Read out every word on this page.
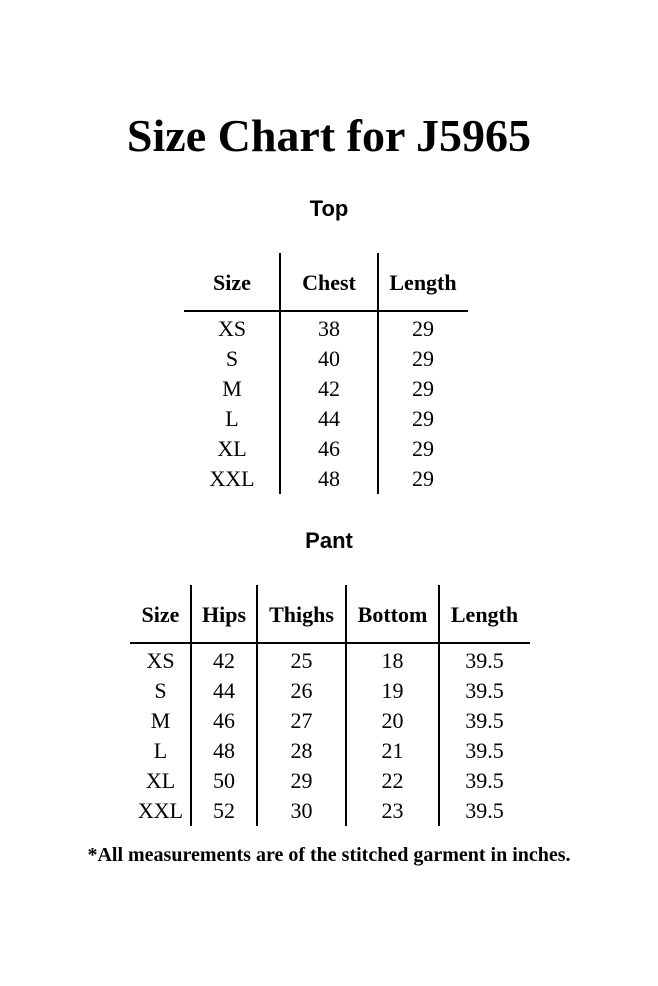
Size Chart for J5965
Top
Size	Chest	Length
XS	38	29
S	40	29
M	42	29
L	44	29
XL	46	29
XXL	48	29
Pant
Size	Hips	Thighs	Bottom	Length
XS	42	25	18	39.5
S	44	26	19	39.5
M	46	27	20	39.5
L	48	28	21	39.5
XL	50	29	22	39.5
XXL	52	30	23	39.5
*All measurements are of the stitched garment in inches.
